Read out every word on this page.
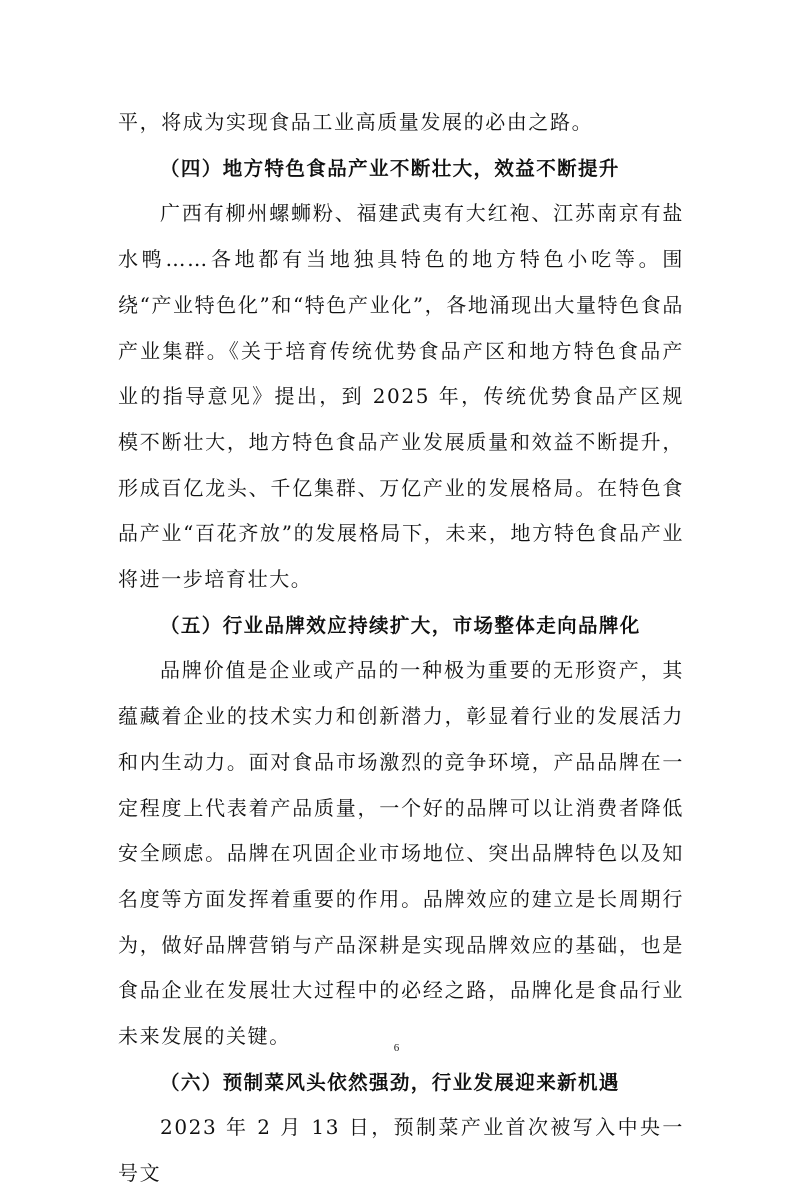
平，将成为实现食品工业高质量发展的必由之路。

（四）地方特色食品产业不断壮大，效益不断提升

广西有柳州螺蛳粉、福建武夷有大红袍、江苏南京有盐水鸭……各地都有当地独具特色的地方特色小吃等。围绕“产业特色化”和“特色产业化”，各地涌现出大量特色食品产业集群。《关于培育传统优势食品产区和地方特色食品产业的指导意见》提出，到 2025 年，传统优势食品产区规模不断壮大，地方特色食品产业发展质量和效益不断提升，形成百亿龙头、千亿集群、万亿产业的发展格局。在特色食品产业“百花齐放”的发展格局下，未来，地方特色食品产业将进一步培育壮大。

（五）行业品牌效应持续扩大，市场整体走向品牌化

品牌价值是企业或产品的一种极为重要的无形资产，其蕴藏着企业的技术实力和创新潜力，彰显着行业的发展活力和内生动力。面对食品市场激烈的竞争环境，产品品牌在一定程度上代表着产品质量，一个好的品牌可以让消费者降低安全顾虑。品牌在巩固企业市场地位、突出品牌特色以及知名度等方面发挥着重要的作用。品牌效应的建立是长周期行为，做好品牌营销与产品深耕是实现品牌效应的基础，也是食品企业在发展壮大过程中的必经之路，品牌化是食品行业未来发展的关键。

（六）预制菜风头依然强劲，行业发展迎来新机遇

2023 年 2 月 13 日，预制菜产业首次被写入中央一号文

6
